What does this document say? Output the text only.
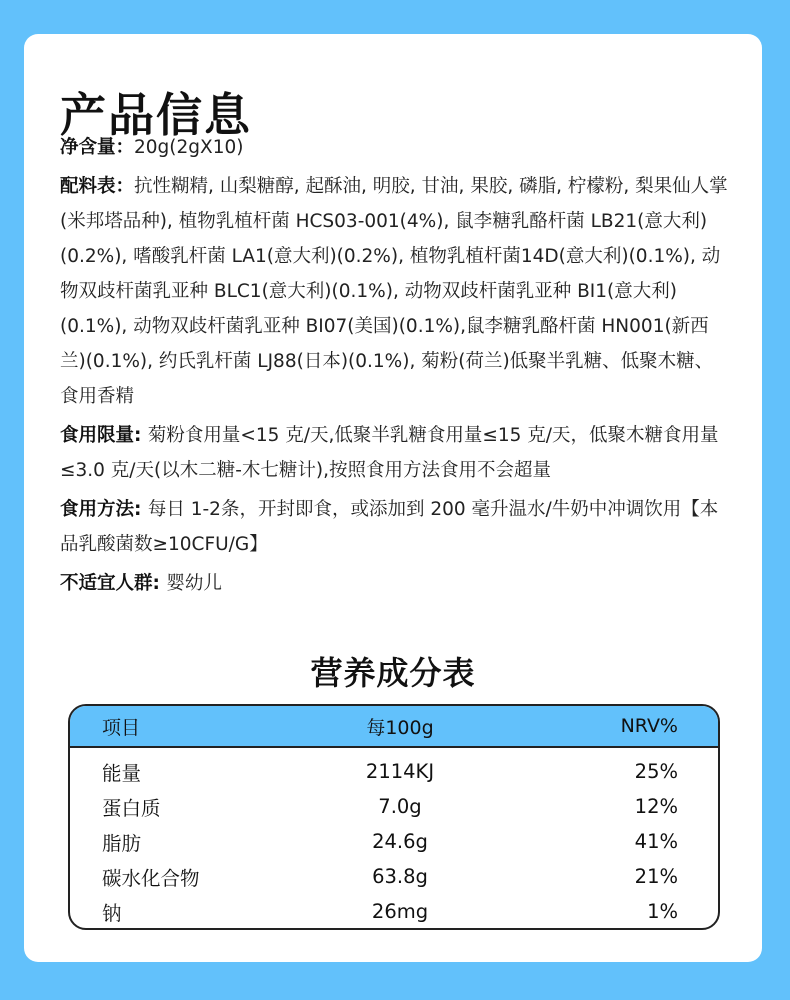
产品信息

净含量：20g(2gX10)

配料表：抗性糊精, 山梨糖醇, 起酥油, 明胶, 甘油, 果胶, 磷脂, 柠檬粉, 梨果仙人掌(米邦塔品种), 植物乳植杆菌 HCS03-001(4%), 鼠李糖乳酪杆菌 LB21(意大利)(0.2%), 嗜酸乳杆菌 LA1(意大利)(0.2%), 植物乳植杆菌14D(意大利)(0.1%), 动物双歧杆菌乳亚种 BLC1(意大利)(0.1%), 动物双歧杆菌乳亚种 BI1(意大利)(0.1%), 动物双歧杆菌乳亚种 BI07(美国)(0.1%),鼠李糖乳酪杆菌 HN001(新西兰)(0.1%), 约氏乳杆菌 LJ88(日本)(0.1%), 菊粉(荷兰)低聚半乳糖、低聚木糖、食用香精

食用限量: 菊粉食用量<15 克/天,低聚半乳糖食用量≤15 克/天，低聚木糖食用量≤3.0 克/天(以木二糖-木七糖计),按照食用方法食用不会超量

食用方法: 每日 1-2条，开封即食，或添加到 200 毫升温水/牛奶中冲调饮用【本品乳酸菌数≥10CFU/G】

不适宜人群: 婴幼儿

营养成分表
项目	每100g	NRV%
能量	2114KJ	25%
蛋白质	7.0g	12%
脂肪	24.6g	41%
碳水化合物	63.8g	21%
钠	26mg	1%
